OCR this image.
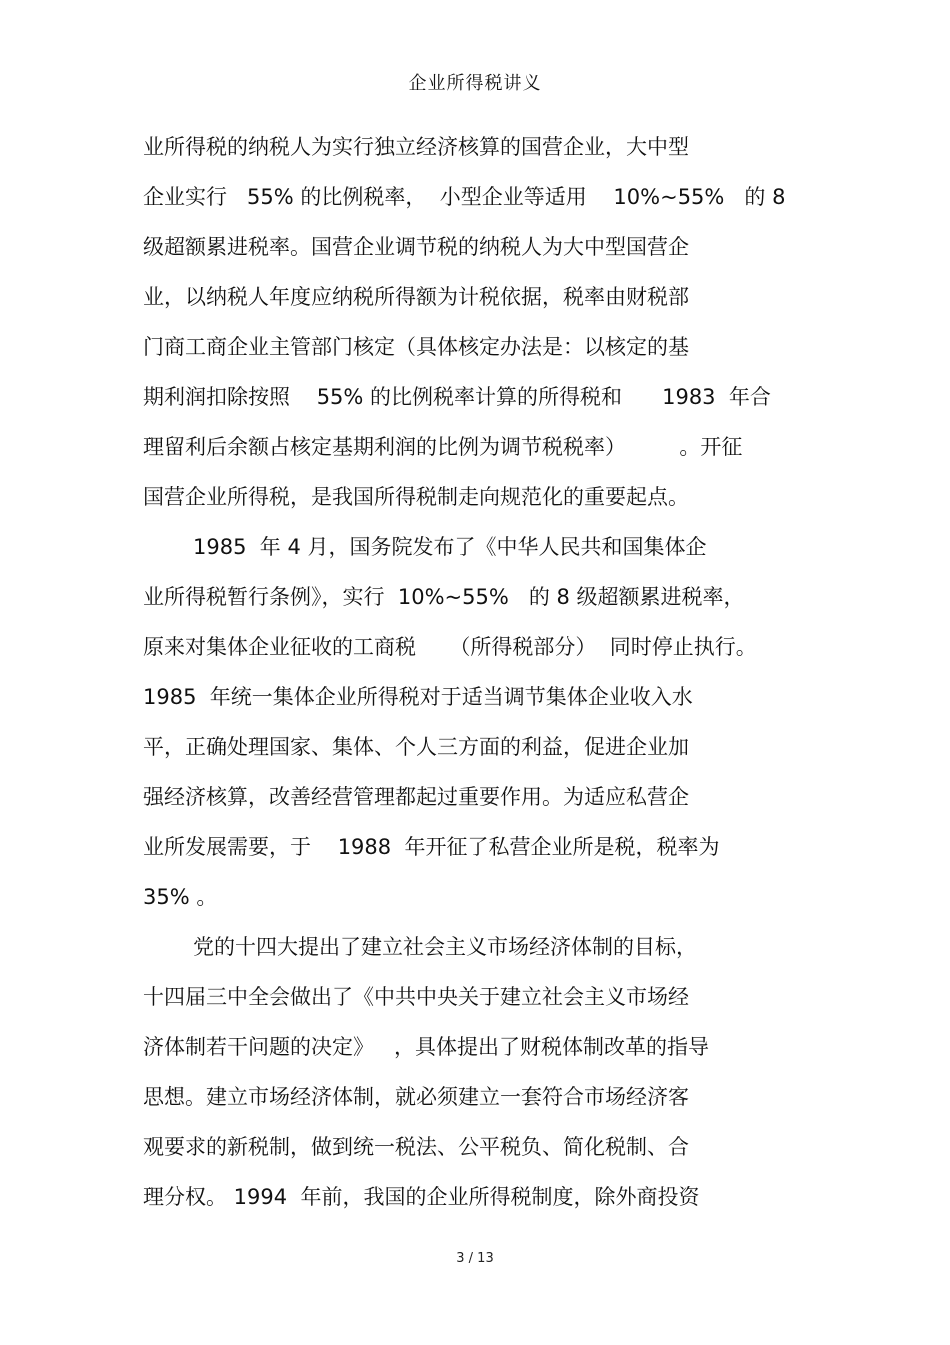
企业所得税讲义
业所得税的纳税人为实行独立经济核算的国营企业，大中型
企业实行   55% 的比例税率，  小型企业等适用    10%~55%   的 8
级超额累进税率。国营企业调节税的纳税人为大中型国营企
业，以纳税人年度应纳税所得额为计税依据，税率由财税部
门商工商企业主管部门核定（具体核定办法是：以核定的基
期利润扣除按照    55% 的比例税率计算的所得税和      1983  年合
理留利后余额占核定基期利润的比例为调节税税率）        。开征
国营企业所得税，是我国所得税制走向规范化的重要起点。
1985  年 4 月，国务院发布了《中华人民共和国集体企
业所得税暂行条例》，实行  10%~55%   的 8 级超额累进税率，
原来对集体企业征收的工商税     （所得税部分）  同时停止执行。
1985  年统一集体企业所得税对于适当调节集体企业收入水
平，正确处理国家、集体、个人三方面的利益，促进企业加
强经济核算，改善经营管理都起过重要作用。为适应私营企
业所发展需要，于    1988  年开征了私营企业所是税，税率为
35% 。
党的十四大提出了建立社会主义市场经济体制的目标，
十四届三中全会做出了《中共中央关于建立社会主义市场经
济体制若干问题的决定》   ，具体提出了财税体制改革的指导
思想。建立市场经济体制，就必须建立一套符合市场经济客
观要求的新税制，做到统一税法、公平税负、简化税制、合
理分权。 1994  年前，我国的企业所得税制度，除外商投资
3 / 13
